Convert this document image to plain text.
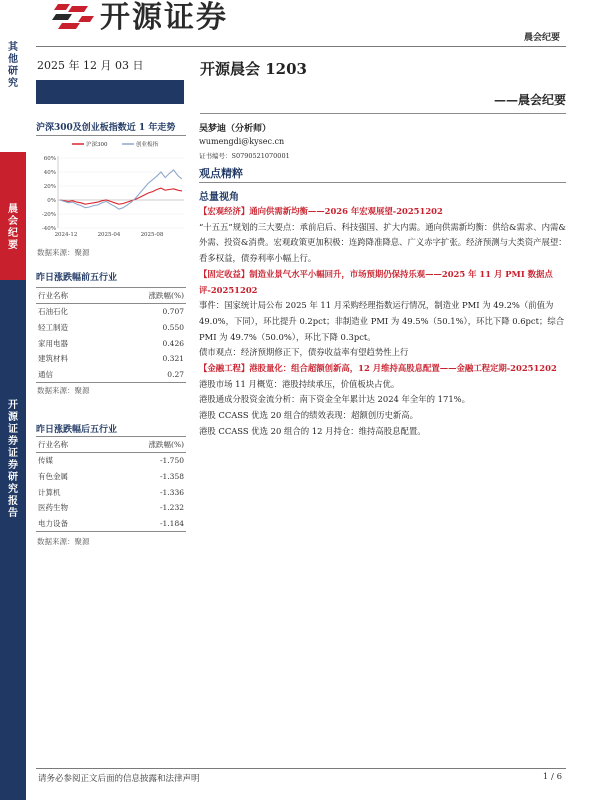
开源证券
晨会纪要
其他研究
晨会纪要
开源证券 证券研究报告
2025 年 12 月 03 日
沪深300及创业板指数近 1 年走势
60%
40%
20%
0%
-20%
-40%
2024-12	2025-04	2025-08
沪深300	创业板指
数据来源：聚源
昨日涨跌幅前五行业
行业名称	涨跌幅(%)
石油石化	0.707
轻工制造	0.550
家用电器	0.426
建筑材料	0.321
通信	0.27
数据来源：聚源
昨日涨跌幅后五行业
行业名称	涨跌幅(%)
传媒	-1.750
有色金属	-1.358
计算机	-1.336
医药生物	-1.232
电力设备	-1.184
数据来源：聚源
开源晨会 1203
——晨会纪要
吴梦迪（分析师）
wumengdi@kysec.cn
证书编号：S0790521070001
观点精粹
总量视角

【宏观经济】通向供需新均衡——2026 年宏观展望-20251202

“十五五”规划的三大要点：承前启后、科技强国、扩大内需。通向供需新均衡：供给&需求、内需&外需、投资&消费。宏观政策更加积极：连跨降准降息、广义赤字扩张。经济预测与大类资产展望：看多权益，债券利率小幅上行。

【固定收益】制造业景气水平小幅回升，市场预期仍保持乐观——2025 年 11 月 PMI 数据点评-20251202

事件：国家统计局公布 2025 年 11 月采购经理指数运行情况，制造业 PMI 为 49.2%（前值为 49.0%，下同），环比提升 0.2pct；非制造业 PMI 为 49.5%（50.1%），环比下降 0.6pct；综合 PMI 为 49.7%（50.0%），环比下降 0.3pct。

债市观点：经济预期修正下，债券收益率有望趋势性上行

【金融工程】港股量化：组合超额创新高，12 月维持高股息配置——金融工程定期-20251202

港股市场 11 月概览：港股持续承压，价值板块占优。

港股通成分股资金流分析：南下资金全年累计达 2024 年全年的 171%。

港股 CCASS 优选 20 组合的绩效表现：超额创历史新高。

港股 CCASS 优选 20 组合的 12 月持仓：维持高股息配置。

请务必参阅正文后面的信息披露和法律声明	1 / 6
